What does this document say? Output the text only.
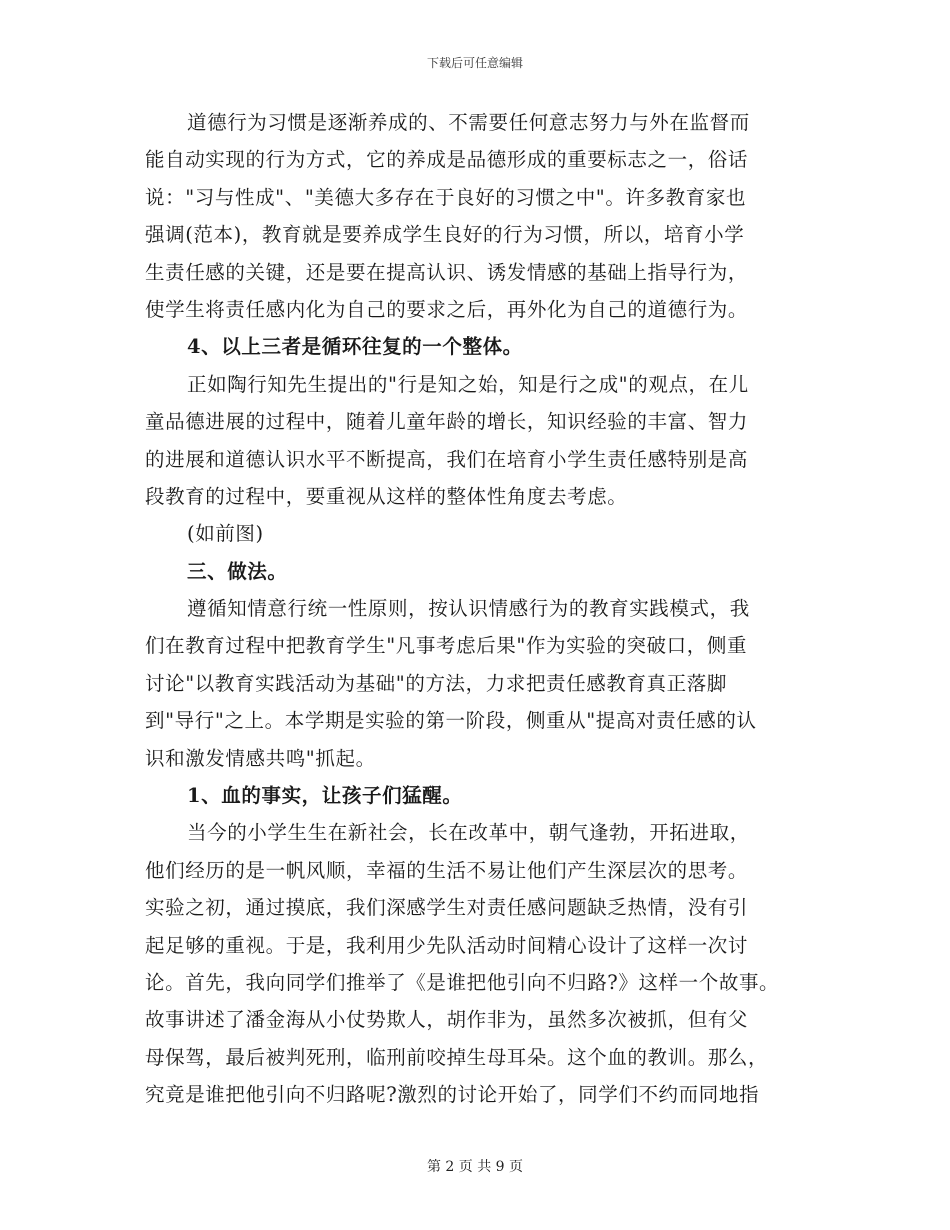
下载后可任意编辑
道德行为习惯是逐渐养成的、不需要任何意志努力与外在监督而
能自动实现的行为方式，它的养成是品德形成的重要标志之一，俗话
说："习与性成"、"美德大多存在于良好的习惯之中"。许多教育家也
强调(范本)，教育就是要养成学生良好的行为习惯，所以，培育小学
生责任感的关键，还是要在提高认识、诱发情感的基础上指导行为，
使学生将责任感内化为自己的要求之后，再外化为自己的道德行为。
4、以上三者是循环往复的一个整体。
正如陶行知先生提出的"行是知之始，知是行之成"的观点，在儿
童品德进展的过程中，随着儿童年龄的增长，知识经验的丰富、智力
的进展和道德认识水平不断提高，我们在培育小学生责任感特别是高
段教育的过程中，要重视从这样的整体性角度去考虑。
(如前图)
三、做法。
遵循知情意行统一性原则，按认识情感行为的教育实践模式，我
们在教育过程中把教育学生"凡事考虑后果"作为实验的突破口，侧重
讨论"以教育实践活动为基础"的方法，力求把责任感教育真正落脚
到"导行"之上。本学期是实验的第一阶段，侧重从"提高对责任感的认
识和激发情感共鸣"抓起。
1、血的事实，让孩子们猛醒。
当今的小学生生在新社会，长在改革中，朝气逢勃，开拓进取，
他们经历的是一帆风顺，幸福的生活不易让他们产生深层次的思考。
实验之初，通过摸底，我们深感学生对责任感问题缺乏热情，没有引
起足够的重视。于是，我利用少先队活动时间精心设计了这样一次讨
论。首先，我向同学们推举了《是谁把他引向不归路?》这样一个故事。
故事讲述了潘金海从小仗势欺人，胡作非为，虽然多次被抓，但有父
母保驾，最后被判死刑，临刑前咬掉生母耳朵。这个血的教训。那么，
究竟是谁把他引向不归路呢?激烈的讨论开始了，同学们不约而同地指
第 2 页 共 9 页
